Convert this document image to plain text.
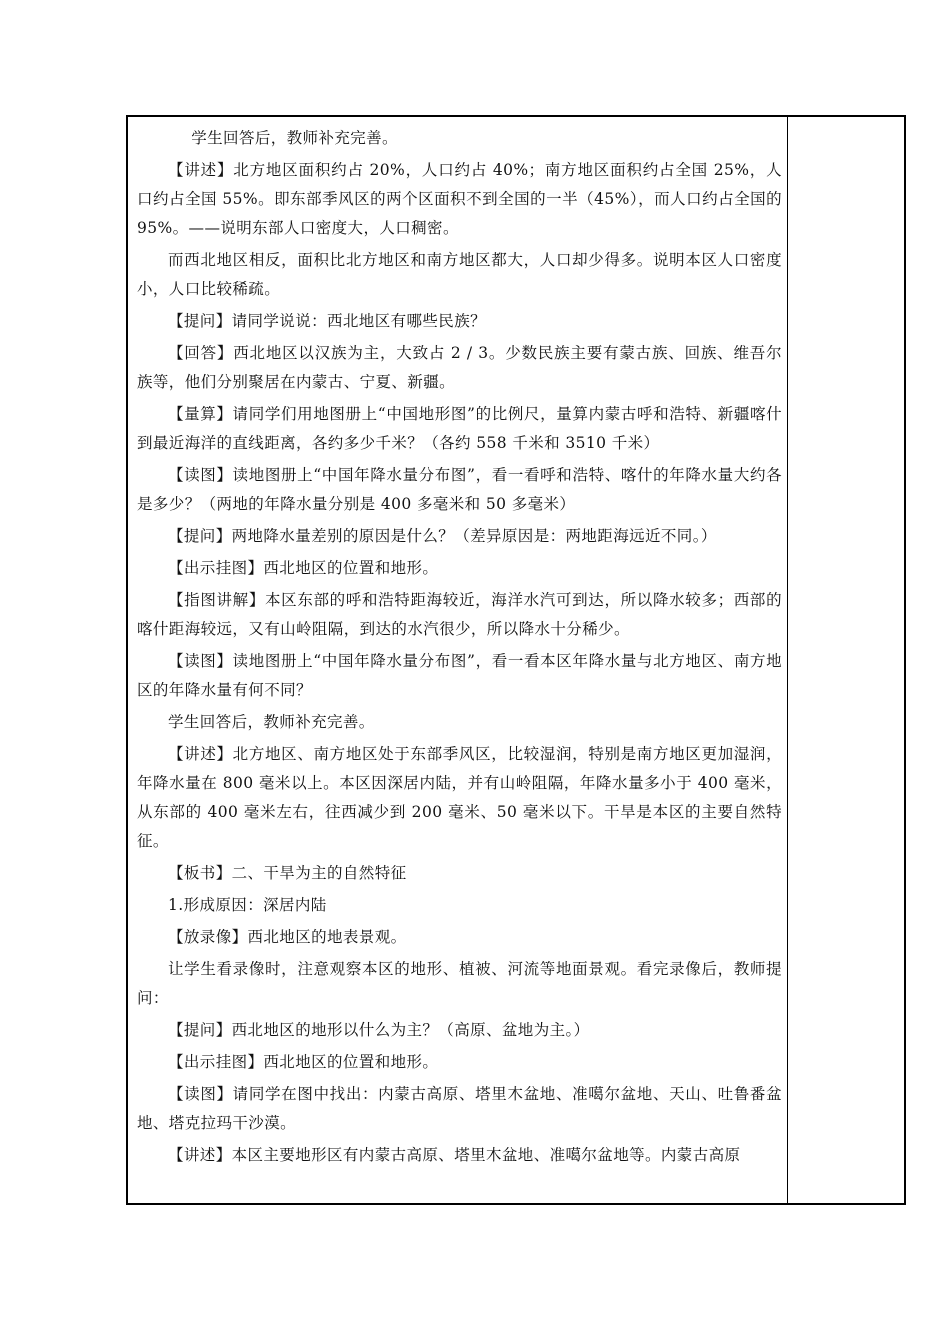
学生回答后，教师补充完善。

【讲述】北方地区面积约占 20%，人口约占 40%；南方地区面积约占全国 25%，人口约占全国 55%。即东部季风区的两个区面积不到全国的一半（45%），而人口约占全国的 95%。——说明东部人口密度大，人口稠密。

而西北地区相反，面积比北方地区和南方地区都大，人口却少得多。说明本区人口密度小，人口比较稀疏。

【提问】请同学说说：西北地区有哪些民族？

【回答】西北地区以汉族为主，大致占 2 / 3。少数民族主要有蒙古族、回族、维吾尔族等，他们分别聚居在内蒙古、宁夏、新疆。

【量算】请同学们用地图册上“中国地形图”的比例尺，量算内蒙古呼和浩特、新疆喀什到最近海洋的直线距离，各约多少千米？（各约 558 千米和 3510 千米）

【读图】读地图册上“中国年降水量分布图”，看一看呼和浩特、喀什的年降水量大约各是多少？（两地的年降水量分别是 400 多毫米和 50 多毫米）

【提问】两地降水量差别的原因是什么？（差异原因是：两地距海远近不同。）

【出示挂图】西北地区的位置和地形。

【指图讲解】本区东部的呼和浩特距海较近，海洋水汽可到达，所以降水较多；西部的喀什距海较远，又有山岭阻隔，到达的水汽很少，所以降水十分稀少。

【读图】读地图册上“中国年降水量分布图”，看一看本区年降水量与北方地区、南方地区的年降水量有何不同？

学生回答后，教师补充完善。

【讲述】北方地区、南方地区处于东部季风区，比较湿润，特别是南方地区更加湿润，年降水量在 800 毫米以上。本区因深居内陆，并有山岭阻隔，年降水量多小于 400 毫米，从东部的 400 毫米左右，往西减少到 200 毫米、50 毫米以下。干旱是本区的主要自然特征。

【板书】二、干旱为主的自然特征

1.形成原因：深居内陆

【放录像】西北地区的地表景观。

让学生看录像时，注意观察本区的地形、植被、河流等地面景观。看完录像后，教师提问：

【提问】西北地区的地形以什么为主？（高原、盆地为主。）

【出示挂图】西北地区的位置和地形。

【读图】请同学在图中找出：内蒙古高原、塔里木盆地、准噶尔盆地、天山、吐鲁番盆地、塔克拉玛干沙漠。

【讲述】本区主要地形区有内蒙古高原、塔里木盆地、准噶尔盆地等。内蒙古高原
